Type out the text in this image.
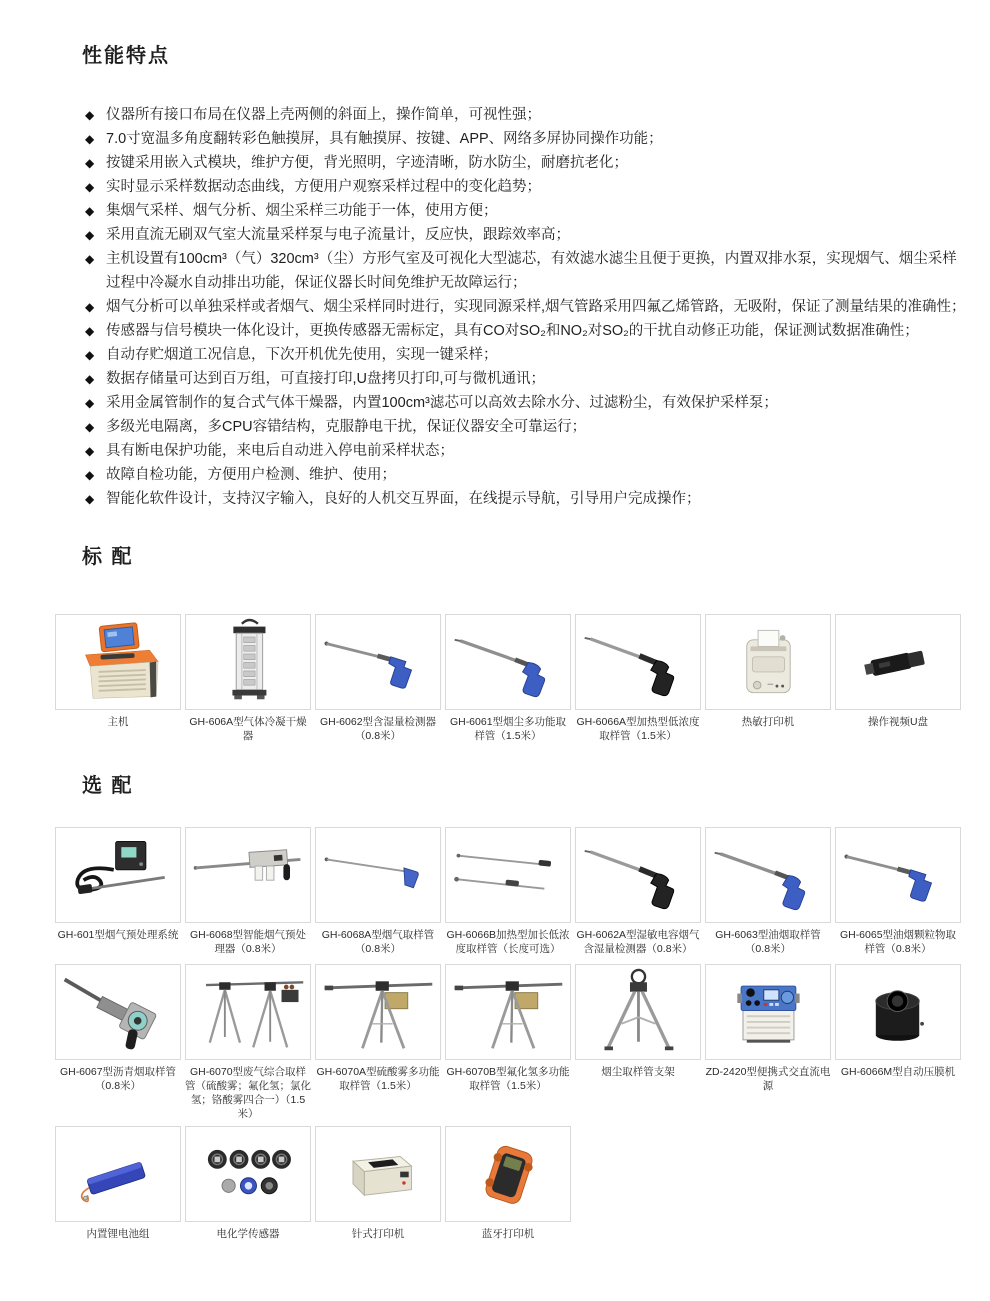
性能特点
◆ 仪器所有接口布局在仪器上壳两侧的斜面上，操作简单，可视性强；
◆ 7.0寸宽温多角度翻转彩色触摸屏，具有触摸屏、按键、APP、网络多屏协同操作功能；
◆ 按键采用嵌入式模块，维护方便，背光照明，字迹清晰，防水防尘，耐磨抗老化；
◆ 实时显示采样数据动态曲线，方便用户观察采样过程中的变化趋势；
◆ 集烟气采样、烟气分析、烟尘采样三功能于一体，使用方便；
◆ 采用直流无刷双气室大流量采样泵与电子流量计，反应快，跟踪效率高；
◆ 主机设置有100cm³（气）320cm³（尘）方形气室及可视化大型滤芯，有效滤水滤尘且便于更换，内置双排水泵，实现烟气、烟尘采样过程中冷凝水自动排出功能，保证仪器长时间免维护无故障运行；
◆ 烟气分析可以单独采样或者烟气、烟尘采样同时进行，实现同源采样,烟气管路采用四氟乙烯管路，无吸附，保证了测量结果的准确性；
◆ 传感器与信号模块一体化设计，更换传感器无需标定，具有CO对SO₂和NO₂对SO₂的干扰自动修正功能，保证测试数据准确性；
◆ 自动存贮烟道工况信息，下次开机优先使用，实现一键采样；
◆ 数据存储量可达到百万组，可直接打印,U盘拷贝打印,可与微机通讯；
◆ 采用金属管制作的复合式气体干燥器，内置100cm³滤芯可以高效去除水分、过滤粉尘，有效保护采样泵；
◆ 多级光电隔离，多CPU容错结构，克服静电干扰，保证仪器安全可靠运行；
◆ 具有断电保护功能，来电后自动进入停电前采样状态；
◆ 故障自检功能，方便用户检测、维护、使用；
◆ 智能化软件设计，支持汉字输入，良好的人机交互界面，在线提示导航，引导用户完成操作；
标 配
主机	GH-606A型气体冷凝干燥器
GH-6062型含湿量检测器（0.8米）
GH-6061型烟尘多功能取样管（1.5米）
GH-6066A型加热型低浓度取样管（1.5米）
热敏打印机	操作视频U盘
选 配
GH-601型烟气预处理系统	GH-6068型智能烟气预处理器（0.8米）
GH-6068A型烟气取样管（0.8米）
GH-6066B加热型加长低浓度取样管（长度可选）
GH-6062A型湿敏电容烟气含湿量检测器（0.8米）
GH-6063型油烟取样管（0.8米）
GH-6065型油烟颗粒物取样管（0.8米）
GH-6067型沥青烟取样管（0.8米）
GH-6070型废气综合取样管（硫酸雾；氟化氢；氯化氢；铬酸雾四合一）（1.5米）
GH-6070A型硫酸雾多功能取样管（1.5米）
GH-6070B型氟化氢多功能取样管（1.5米）
烟尘取样管支架	ZD-2420型便携式交直流电源
GH-6066M型自动压膜机
内置锂电池组	电化学传感器	针式打印机	蓝牙打印机
